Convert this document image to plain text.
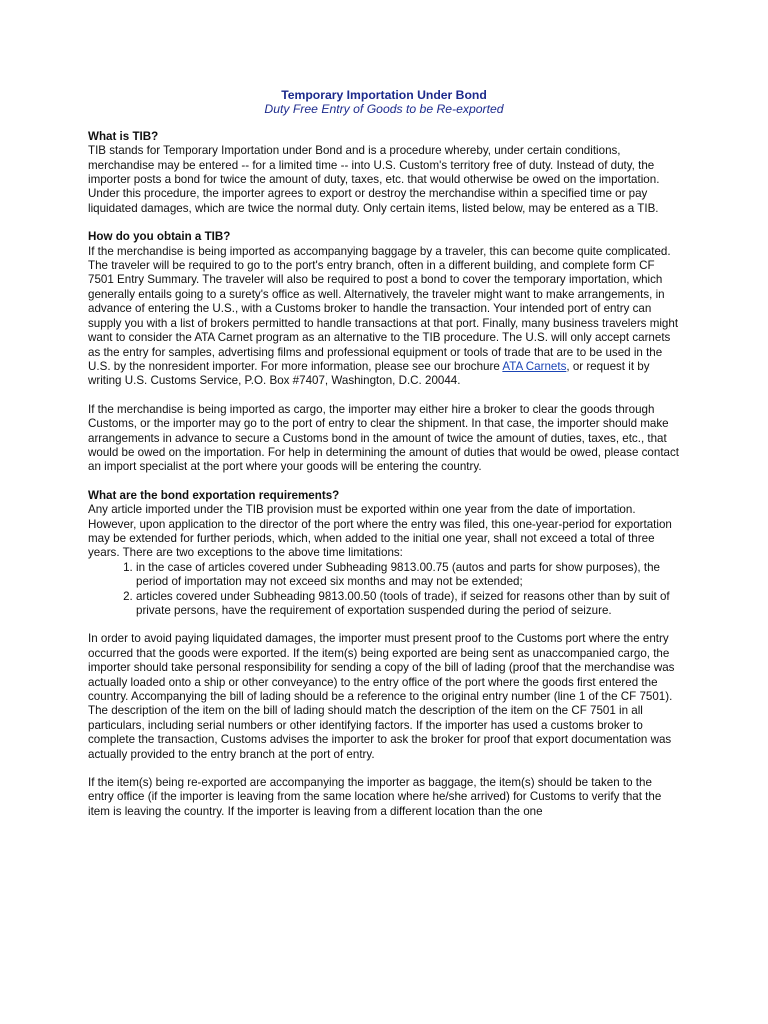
Temporary Importation Under Bond
Duty Free Entry of Goods to be Re-exported
What is TIB?

TIB stands for Temporary Importation under Bond and is a procedure whereby, under certain conditions, merchandise may be entered -- for a limited time -- into U.S. Custom's territory free of duty. Instead of duty, the importer posts a bond for twice the amount of duty, taxes, etc. that would otherwise be owed on the importation. Under this procedure, the importer agrees to export or destroy the merchandise within a specified time or pay liquidated damages, which are twice the normal duty. Only certain items, listed below, may be entered as a TIB.

How do you obtain a TIB?

If the merchandise is being imported as accompanying baggage by a traveler, this can become quite complicated. The traveler will be required to go to the port's entry branch, often in a different building, and complete form CF 7501 Entry Summary. The traveler will also be required to post a bond to cover the temporary importation, which generally entails going to a surety's office as well. Alternatively, the traveler might want to make arrangements, in advance of entering the U.S., with a Customs broker to handle the transaction. Your intended port of entry can supply you with a list of brokers permitted to handle transactions at that port. Finally, many business travelers might want to consider the ATA Carnet program as an alternative to the TIB procedure. The U.S. will only accept carnets as the entry for samples, advertising films and professional equipment or tools of trade that are to be used in the U.S. by the nonresident importer. For more information, please see our brochure ATA Carnets, or request it by writing U.S. Customs Service, P.O. Box #7407, Washington, D.C. 20044.

If the merchandise is being imported as cargo, the importer may either hire a broker to clear the goods through Customs, or the importer may go to the port of entry to clear the shipment. In that case, the importer should make arrangements in advance to secure a Customs bond in the amount of twice the amount of duties, taxes, etc., that would be owed on the importation. For help in determining the amount of duties that would be owed, please contact an import specialist at the port where your goods will be entering the country.

What are the bond exportation requirements?

Any article imported under the TIB provision must be exported within one year from the date of importation. However, upon application to the director of the port where the entry was filed, this one-year-period for exportation may be extended for further periods, which, when added to the initial one year, shall not exceed a total of three years. There are two exceptions to the above time limitations:

1. in the case of articles covered under Subheading 9813.00.75 (autos and parts for show purposes), the period of importation may not exceed six months and may not be extended;
2. articles covered under Subheading 9813.00.50 (tools of trade), if seized for reasons other than by suit of private persons, have the requirement of exportation suspended during the period of seizure.

In order to avoid paying liquidated damages, the importer must present proof to the Customs port where the entry occurred that the goods were exported. If the item(s) being exported are being sent as unaccompanied cargo, the importer should take personal responsibility for sending a copy of the bill of lading (proof that the merchandise was actually loaded onto a ship or other conveyance) to the entry office of the port where the goods first entered the country. Accompanying the bill of lading should be a reference to the original entry number (line 1 of the CF 7501). The description of the item on the bill of lading should match the description of the item on the CF 7501 in all particulars, including serial numbers or other identifying factors. If the importer has used a customs broker to complete the transaction, Customs advises the importer to ask the broker for proof that export documentation was actually provided to the entry branch at the port of entry.

If the item(s) being re-exported are accompanying the importer as baggage, the item(s) should be taken to the entry office (if the importer is leaving from the same location where he/she arrived) for Customs to verify that the item is leaving the country. If the importer is leaving from a different location than the one
